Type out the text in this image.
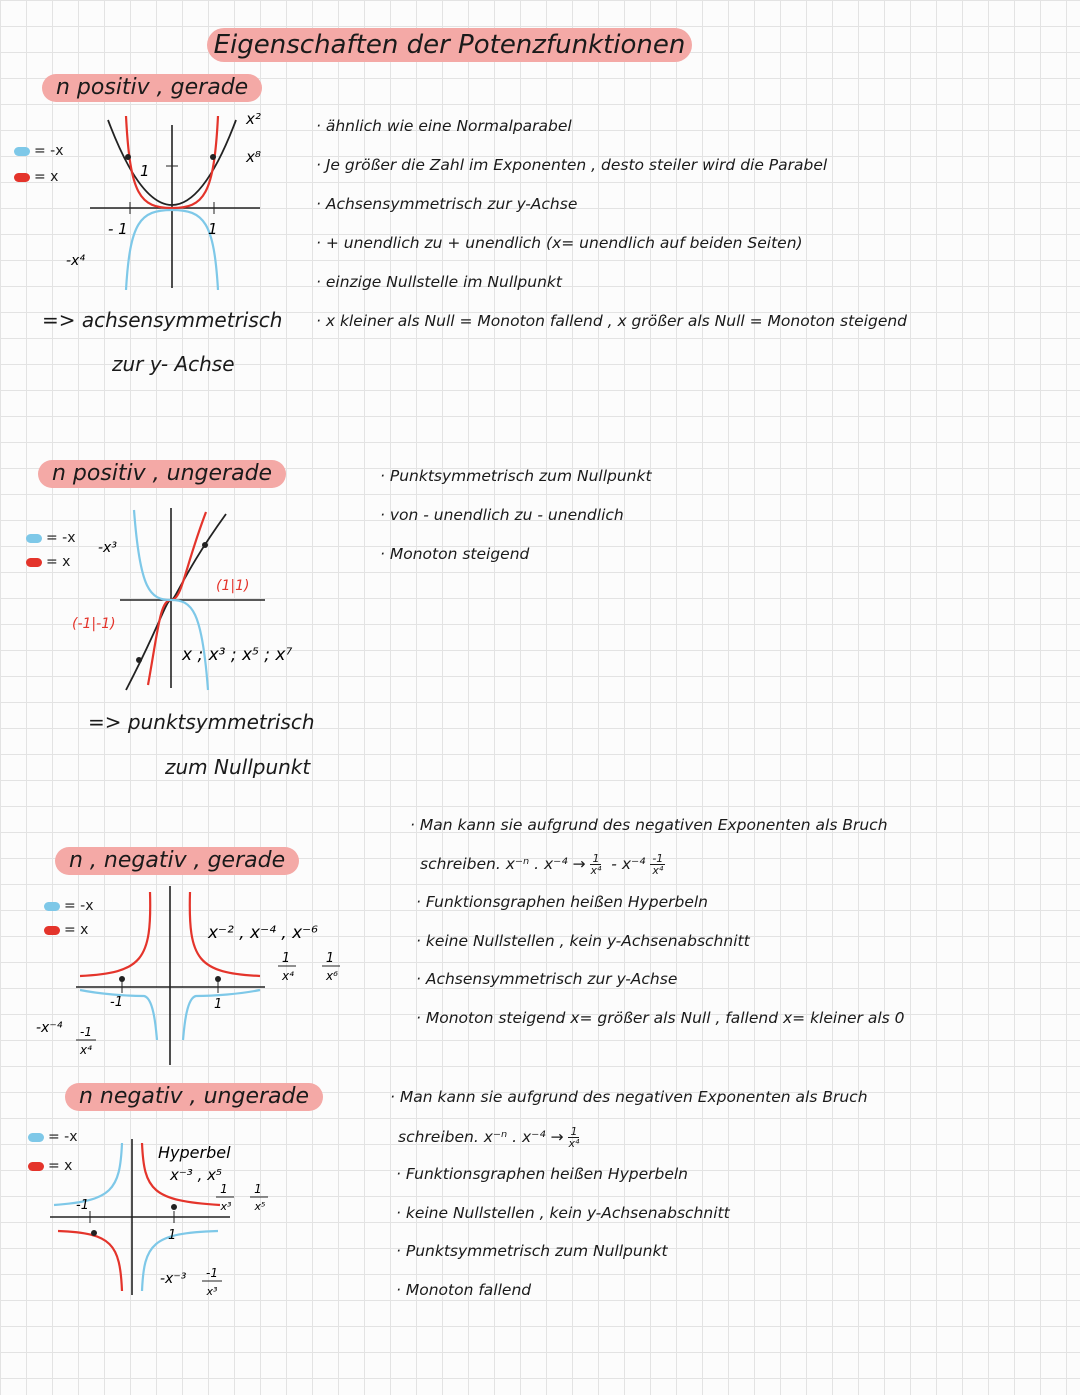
Eigenschaften der Potenzfunktionen
n positiv , gerade
= -x
= x
x²
x⁸
-x⁴
- 1	1
1
=> achsensymmetrisch
zur y- Achse
· ähnlich wie eine Normalparabel
· Je größer die Zahl im Exponenten , desto steiler wird die Parabel
· Achsensymmetrisch zur y-Achse
· + unendlich zu + unendlich (x= unendlich auf beiden Seiten)
· einzige Nullstelle im Nullpunkt
· x kleiner als Null = Monoton fallend , x größer als Null = Monoton steigend
n positiv , ungerade
= -x
= x
-x³
(1|1)
(-1|-1)
x ; x³ ; x⁵ ; x⁷
=> punktsymmetrisch
zum Nullpunkt
· Punktsymmetrisch zum Nullpunkt
· von - unendlich zu - unendlich
· Monoton steigend
n , negativ , gerade
= -x
= x
-1	1
x⁻² , x⁻⁴ , x⁻⁶
1
x⁴
1
x⁶
-x⁻⁴ -1
x⁴
· Man kann sie aufgrund des negativen Exponenten als Bruch
schreiben. x⁻ⁿ . $x^{-4} \to \frac{1}{\text{x⁴}} - x^{-4} \frac{-1}{\text{x⁴}}$
· Funktionsgraphen heißen Hyperbeln
· keine Nullstellen , kein y-Achsenabschnitt
· Achsensymmetrisch zur y-Achse
· Monoton steigend x= größer als Null , fallend x= kleiner als 0
n negativ , ungerade
= -x
= x
-1
1
Hyperbel
x⁻³ , x⁵
1
x³
1
x⁵
-x⁻³ -1
x³
· Man kann sie aufgrund des negativen Exponenten als Bruch
schreiben. x⁻ⁿ . $x^{-4} \to \frac{1}{\text{x⁴}}$
· Funktionsgraphen heißen Hyperbeln
· keine Nullstellen , kein y-Achsenabschnitt
· Punktsymmetrisch zum Nullpunkt
· Monoton fallend
